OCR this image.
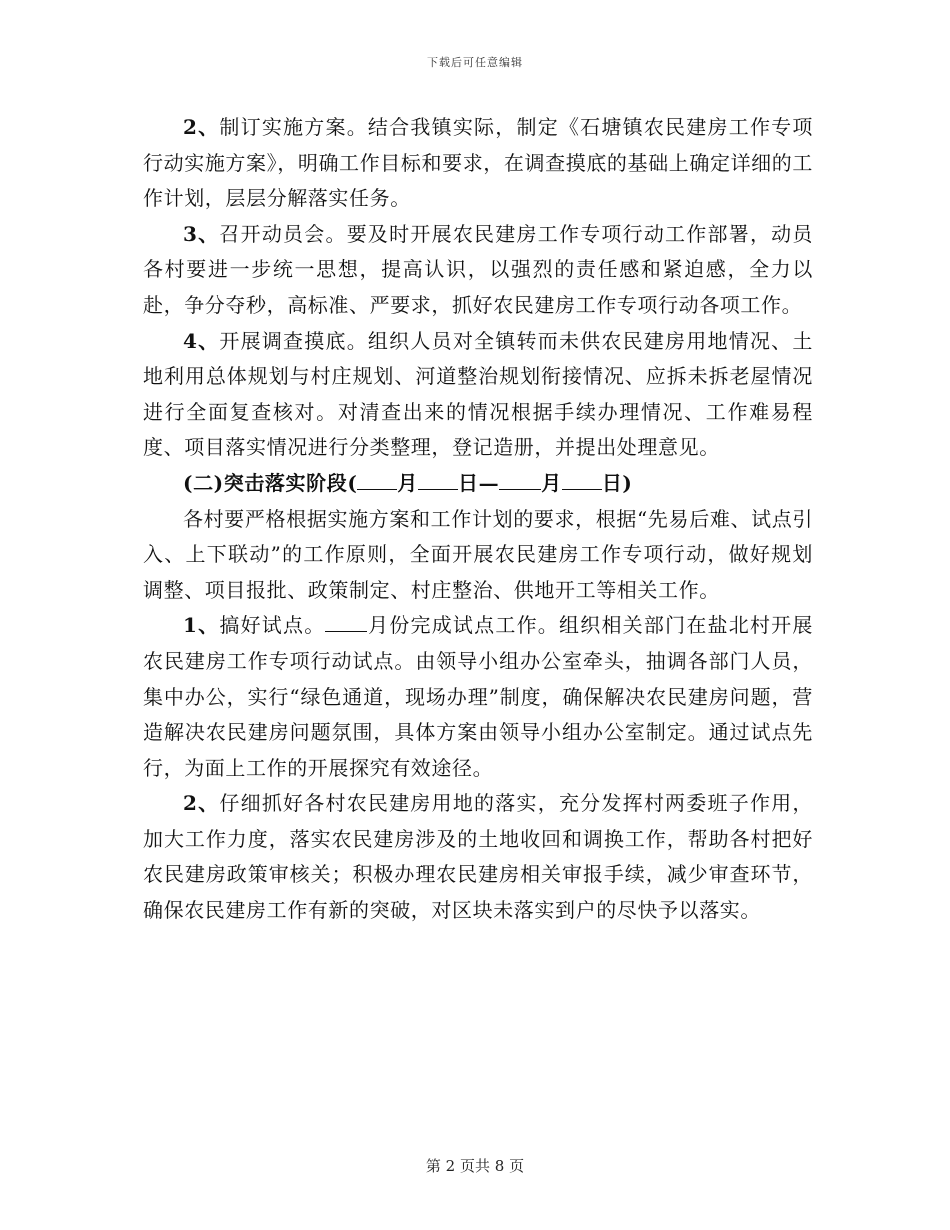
下载后可任意编辑

2、制订实施方案。结合我镇实际，制定《石塘镇农民建房工作专项行动实施方案》，明确工作目标和要求，在调查摸底的基础上确定详细的工作计划，层层分解落实任务。

3、召开动员会。要及时开展农民建房工作专项行动工作部署，动员各村要进一步统一思想，提高认识，以强烈的责任感和紧迫感，全力以赴，争分夺秒，高标准、严要求，抓好农民建房工作专项行动各项工作。

4、开展调查摸底。组织人员对全镇转而未供农民建房用地情况、土地利用总体规划与村庄规划、河道整治规划衔接情况、应拆未拆老屋情况进行全面复查核对。对清查出来的情况根据手续办理情况、工作难易程度、项目落实情况进行分类整理，登记造册，并提出处理意见。

(二)突击落实阶段( 月 日— 月 日)

各村要严格根据实施方案和工作计划的要求，根据“先易后难、试点引入、上下联动”的工作原则，全面开展农民建房工作专项行动，做好规划调整、项目报批、政策制定、村庄整治、供地开工等相关工作。

1、搞好试点。 月份完成试点工作。组织相关部门在盐北村开展农民建房工作专项行动试点。由领导小组办公室牵头，抽调各部门人员，集中办公，实行“绿色通道，现场办理”制度，确保解决农民建房问题，营造解决农民建房问题氛围，具体方案由领导小组办公室制定。通过试点先行，为面上工作的开展探究有效途径。

2、仔细抓好各村农民建房用地的落实，充分发挥村两委班子作用，加大工作力度，落实农民建房涉及的土地收回和调换工作，帮助各村把好农民建房政策审核关；积极办理农民建房相关审报手续，减少审查环节，确保农民建房工作有新的突破，对区块未落实到户的尽快予以落实。

第 2 页共 8 页
